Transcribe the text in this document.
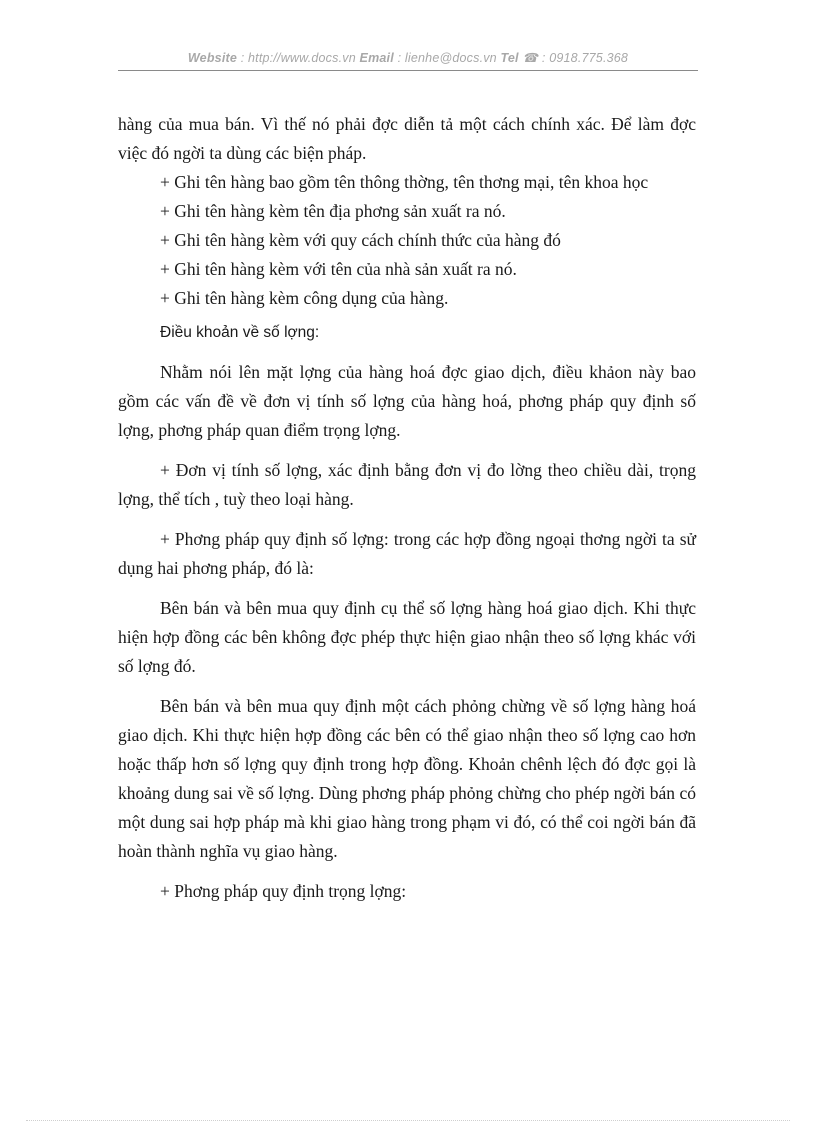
Website : http://www.docs.vn Email : lienhe@docs.vn Tel ☎ : 0918.775.368

hàng của mua bán. Vì thế nó phải đợc diễn tả một cách chính xác. Để làm đợc việc đó ngời ta dùng các biện pháp.

+ Ghi tên hàng bao gồm tên thông thờng, tên thơng mại, tên khoa học

+ Ghi tên hàng kèm tên địa phơng sản xuất ra nó.

+ Ghi tên hàng kèm với quy cách chính thức của hàng đó

+ Ghi tên hàng kèm với tên của nhà sản xuất ra nó.

+ Ghi tên hàng kèm công dụng của hàng.

Điều khoản về số lợng:

Nhằm nói lên mặt lợng của hàng hoá đợc giao dịch, điều khảon này bao gồm các vấn đề về đơn vị tính số lợng của hàng hoá, phơng pháp quy định số lợng, phơng pháp quan điểm trọng lợng.

+ Đơn vị tính số lợng, xác định bằng đơn vị đo lờng theo chiều dài, trọng lợng, thể tích , tuỳ theo loại hàng.

+ Phơng pháp quy định số lợng: trong các hợp đồng ngoại thơng ngời ta sử dụng hai phơng pháp, đó là:

Bên bán và bên mua quy định cụ thể số lợng hàng hoá giao dịch. Khi thực hiện hợp đồng các bên không đợc phép thực hiện giao nhận theo số lợng khác với số lợng đó.

Bên bán và bên mua quy định một cách phỏng chừng về số lợng hàng hoá giao dịch. Khi thực hiện hợp đồng các bên có thể giao nhận theo số lợng cao hơn hoặc thấp hơn số lợng quy định trong hợp đồng. Khoản chênh lệch đó đợc gọi là khoảng dung sai về số lợng. Dùng phơng pháp phỏng chừng cho phép ngời bán có một dung sai hợp pháp mà khi giao hàng trong phạm vi đó, có thể coi ngời bán đã hoàn thành nghĩa vụ giao hàng.

+ Phơng pháp quy định trọng lợng:
